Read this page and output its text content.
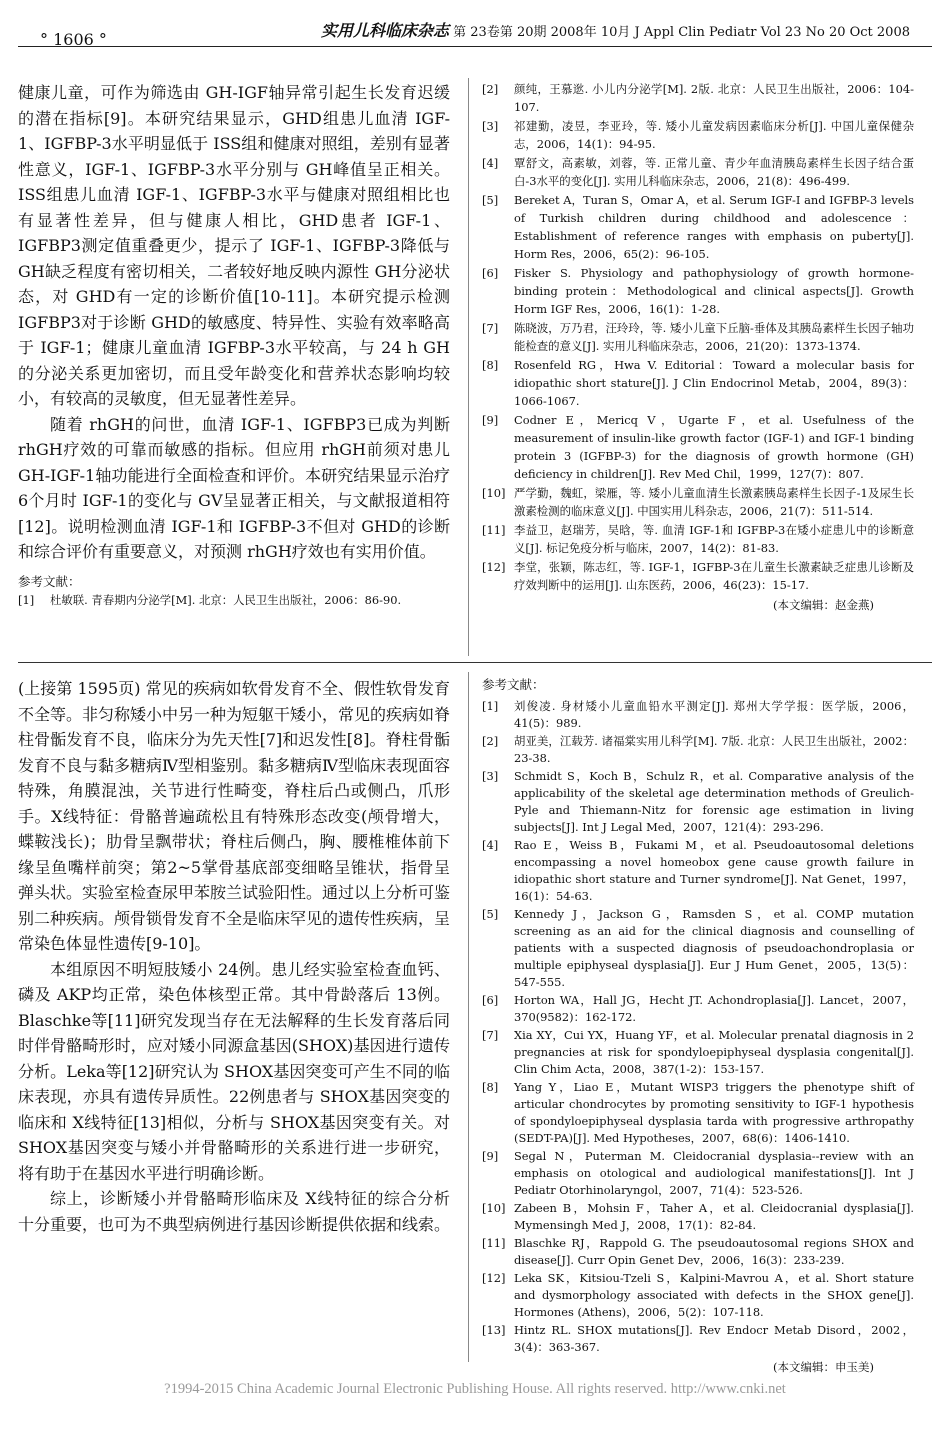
° 1606 °	实用儿科临床杂志 第 23卷第 20期 2008年 10月 J Appl Clin Pediatr Vol 23 No 20 Oct 2008

健康儿童，可作为筛选由 GH-IGF轴异常引起生长发育迟缓的潜在指标[9]。本研究结果显示，GHD组患儿血清 IGF-1、IGFBP-3水平明显低于 ISS组和健康对照组，差别有显著性意义，IGF-1、IGFBP-3水平分别与 GH峰值呈正相关。ISS组患儿血清 IGF-1、IGFBP-3水平与健康对照组相比也有显著性差异，但与健康人相比，GHD患者 IGF-1、IGFBP3测定值重叠更少，提示了 IGF-1、IGFBP-3降低与 GH缺乏程度有密切相关，二者较好地反映内源性 GH分泌状态，对 GHD有一定的诊断价值[10-11]。本研究提示检测 IGFBP3对于诊断 GHD的敏感度、特异性、实验有效率略高于 IGF-1；健康儿童血清 IGFBP-3水平较高，与 24 h GH的分泌关系更加密切，而且受年龄变化和营养状态影响均较小，有较高的灵敏度，但无显著性差异。

随着 rhGH的问世，血清 IGF-1、IGFBP3已成为判断 rhGH疗效的可靠而敏感的指标。但应用 rhGH前须对患儿 GH-IGF-1轴功能进行全面检查和评价。本研究结果显示治疗 6个月时 IGF-1的变化与 GV呈显著正相关，与文献报道相符[12]。说明检测血清 IGF-1和 IGFBP-3不但对 GHD的诊断和综合评价有重要意义，对预测 rhGH疗效也有实用价值。

参考文献：
[1]	杜敏联. 青春期内分泌学[M]. 北京：人民卫生出版社，2006：86-90.
[2]	颜纯，王慕逖. 小儿内分泌学[M]. 2版. 北京：人民卫生出版社，2006：104-107.
[3]	祁建勤，凌昱，李亚玲，等. 矮小儿童发病因素临床分析[J]. 中国儿童保健杂志，2006，14(1)：94-95.
[4]	覃舒文，高素敏，刘蓉，等. 正常儿童、青少年血清胰岛素样生长因子结合蛋白-3水平的变化[J]. 实用儿科临床杂志，2006，21(8)：496-499.
[5]	Bereket A，Turan S，Omar A，et al. Serum IGF-I and IGFBP-3 levels of Turkish children during childhood and adolescence：Establishment of reference ranges with emphasis on puberty[J]. Horm Res，2006，65(2)：96-105.
[6]	Fisker S. Physiology and pathophysiology of growth hormone-binding protein：Methodological and clinical aspects[J]. Growth Horm IGF Res，2006，16(1)：1-28.
[7]	陈晓波，万乃君，汪玲玲，等. 矮小儿童下丘脑-垂体及其胰岛素样生长因子轴功能检查的意义[J]. 实用儿科临床杂志，2006，21(20)：1373-1374.
[8]	Rosenfeld RG，Hwa V. Editorial：Toward a molecular basis for idiopathic short stature[J]. J Clin Endocrinol Metab，2004，89(3)：1066-1067.
[9]	Codner E，Mericq V，Ugarte F，et al. Usefulness of the measurement of insulin-like growth factor (IGF-1) and IGF-1 binding protein 3 (IGFBP-3) for the diagnosis of growth hormone (GH) deficiency in children[J]. Rev Med Chil，1999，127(7)：807.
[10] 严学勤，魏虹，梁雁，等. 矮小儿童血清生长激素胰岛素样生长因子-1及尿生长激素检测的临床意义[J]. 中国实用儿科杂志，2006，21(7)：511-514.
[11] 李益卫，赵瑞芳，吴晗，等. 血清 IGF-1和 IGFBP-3在矮小症患儿中的诊断意义[J]. 标记免疫分析与临床，2007，14(2)：81-83.
[12] 李堂，张颖，陈志红，等. IGF-1，IGFBP-3在儿童生长激素缺乏症患儿诊断及疗效判断中的运用[J]. 山东医药，2006，46(23)：15-17.
(本文编辑：赵金燕)

(上接第 1595页) 常见的疾病如软骨发育不全、假性软骨发育不全等。非匀称矮小中另一种为短躯干矮小，常见的疾病如脊柱骨骺发育不良，临床分为先天性[7]和迟发性[8]。脊柱骨骺发育不良与黏多糖病Ⅳ型相鉴别。黏多糖病Ⅳ型临床表现面容特殊，角膜混浊，关节进行性畸变，脊柱后凸或侧凸，爪形手。X线特征：骨骼普遍疏松且有特殊形态改变(颅骨增大，蝶鞍浅长)；肋骨呈飘带状；脊柱后侧凸，胸、腰椎椎体前下缘呈鱼嘴样前突；第2~5掌骨基底部变细略呈锥状，指骨呈弹头状。实验室检查尿甲苯胺兰试验阳性。通过以上分析可鉴别二种疾病。颅骨锁骨发育不全是临床罕见的遗传性疾病，呈常染色体显性遗传[9-10]。

本组原因不明短肢矮小 24例。患儿经实验室检查血钙、磷及 AKP均正常，染色体核型正常。其中骨龄落后 13例。Blaschke等[11]研究发现当存在无法解释的生长发育落后同时伴骨骼畸形时，应对矮小同源盒基因(SHOX)基因进行遗传分析。Leka等[12]研究认为 SHOX基因突变可产生不同的临床表现，亦具有遗传异质性。22例患者与 SHOX基因突变的临床和 X线特征[13]相似，分析与 SHOX基因突变有关。对 SHOX基因突变与矮小并骨骼畸形的关系进行进一步研究，将有助于在基因水平进行明确诊断。

综上，诊断矮小并骨骼畸形临床及 X线特征的综合分析十分重要，也可为不典型病例进行基因诊断提供依据和线索。

参考文献：
[1]	刘俊凌. 身材矮小儿童血铅水平测定[J]. 郑州大学学报：医学版，2006，41(5)：989.
[2]	胡亚美，江载芳. 诸福棠实用儿科学[M]. 7版. 北京：人民卫生出版社，2002：23-38.
[3]	Schmidt S，Koch B，Schulz R，et al. Comparative analysis of the applicability of the skeletal age determination methods of Greulich-Pyle and Thiemann-Nitz for forensic age estimation in living subjects[J]. Int J Legal Med，2007，121(4)：293-296.
[4]	Rao E，Weiss B，Fukami M，et al. Pseudoautosomal deletions encompassing a novel homeobox gene cause growth failure in idiopathic short stature and Turner syndrome[J]. Nat Genet，1997，16(1)：54-63.
[5]	Kennedy J，Jackson G，Ramsden S，et al. COMP mutation screening as an aid for the clinical diagnosis and counselling of patients with a suspected diagnosis of pseudoachondroplasia or multiple epiphyseal dysplasia[J]. Eur J Hum Genet，2005，13(5)：547-555.
[6]	Horton WA，Hall JG，Hecht JT. Achondroplasia[J]. Lancet，2007，370(9582)：162-172.
[7]	Xia XY，Cui YX，Huang YF，et al. Molecular prenatal diagnosis in 2 pregnancies at risk for spondyloepiphyseal dysplasia congenital[J]. Clin Chim Acta，2008，387(1-2)：153-157.
[8]	Yang Y，Liao E，Mutant WISP3 triggers the phenotype shift of articular chondrocytes by promoting sensitivity to IGF-1 hypothesis of spondyloepiphyseal dysplasia tarda with progressive arthropathy (SEDT-PA)[J]. Med Hypotheses，2007，68(6)：1406-1410.
[9]	Segal N，Puterman M. Cleidocranial dysplasia--review with an emphasis on otological and audiological manifestations[J]. Int J Pediatr Otorhinolaryngol，2007，71(4)：523-526.
[10] Zabeen B，Mohsin F，Taher A，et al. Cleidocranial dysplasia[J]. Mymensingh Med J，2008，17(1)：82-84.
[11] Blaschke RJ，Rappold G. The pseudoautosomal regions SHOX and disease[J]. Curr Opin Genet Dev，2006，16(3)：233-239.
[12] Leka SK，Kitsiou-Tzeli S，Kalpini-Mavrou A，et al. Short stature and dysmorphology associated with defects in the SHOX gene[J]. Hormones (Athens)，2006，5(2)：107-118.
[13] Hintz RL. SHOX mutations[J]. Rev Endocr Metab Disord，2002，3(4)：363-367.
(本文编辑：申玉美)
?1994-2015 China Academic Journal Electronic Publishing House. All rights reserved. http://www.cnki.net
